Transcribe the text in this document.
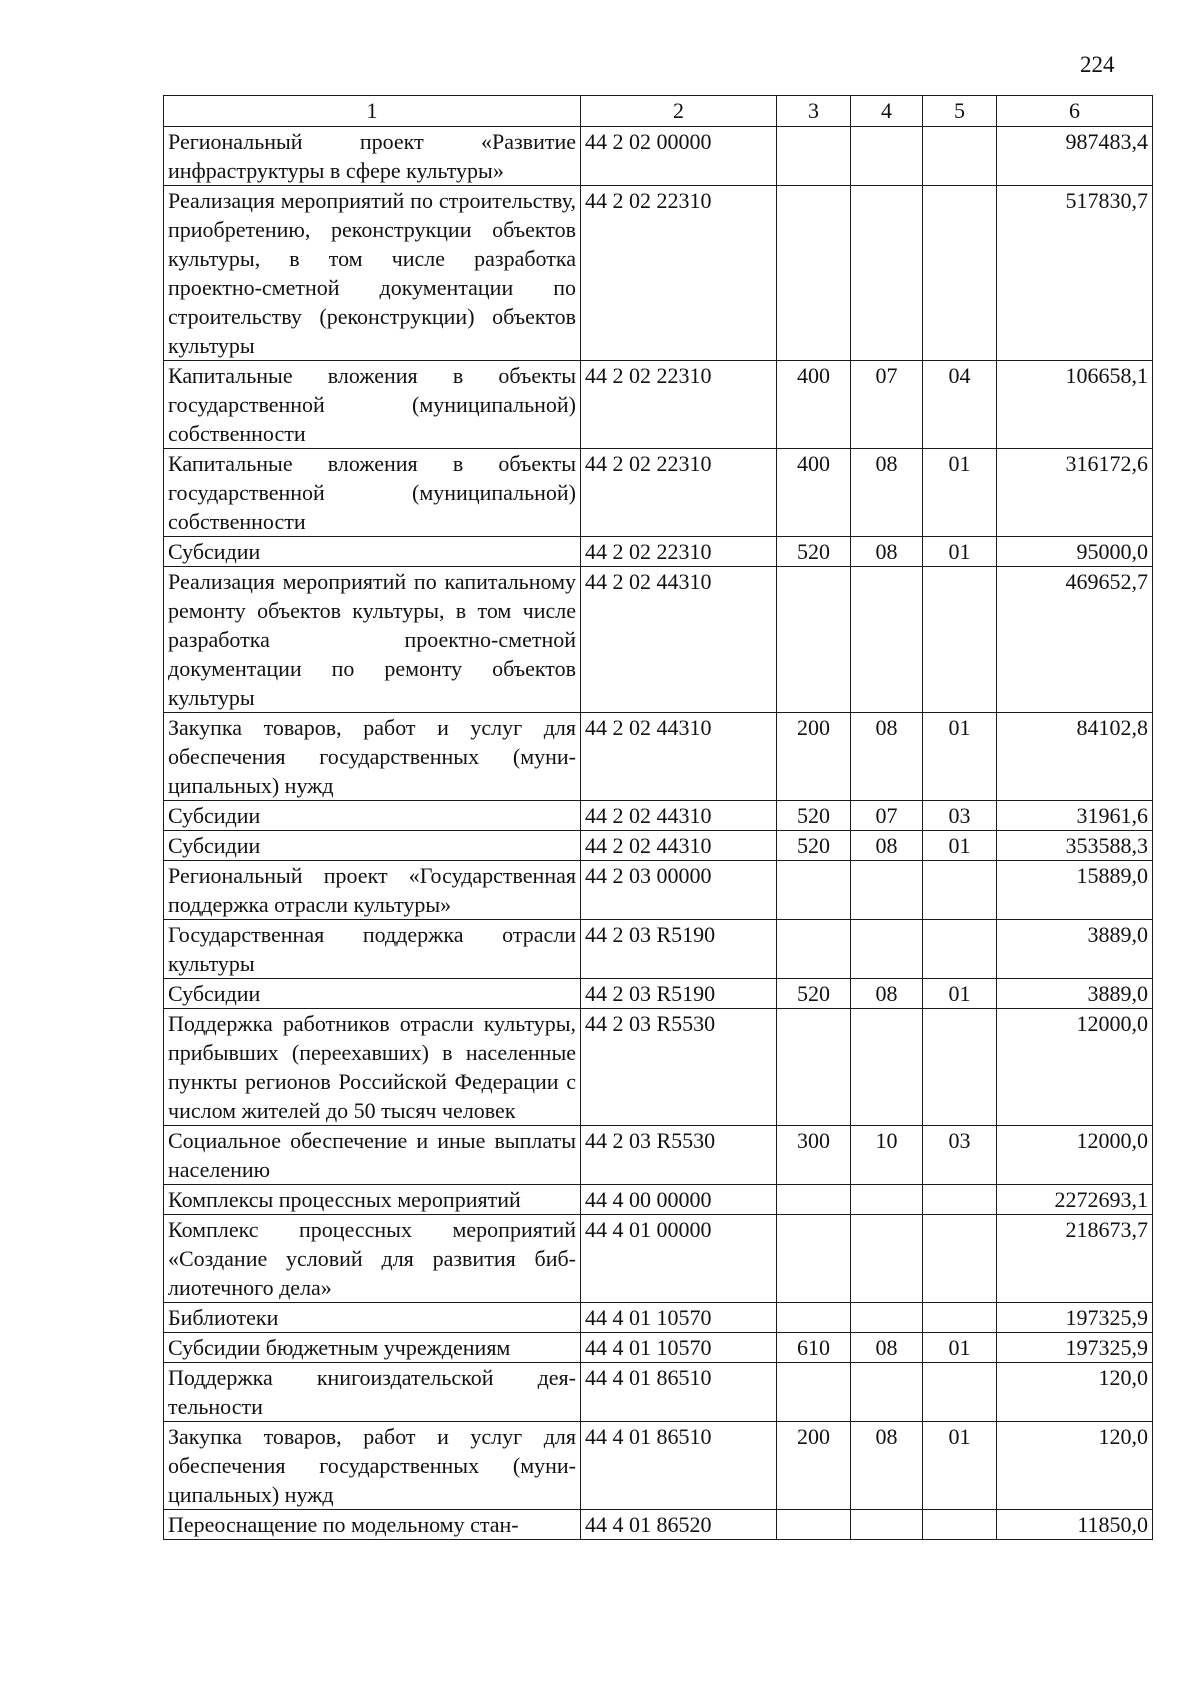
224
1	2	3	4	5	6
Региональный проект «Развитие инфраструктуры в сфере культуры»	44 2 02 00000				987483,4
Реализация мероприятий по строительству, приобретению, реконструкции объектов культуры, в том числе разработка проектно-сметной документации по строительству (реконструкции) объектов культуры	44 2 02 22310				517830,7
Капитальные вложения в объекты государственной (муниципальной) собственности	44 2 02 22310	400	07	04	106658,1
Капитальные вложения в объекты государственной (муниципальной) собственности	44 2 02 22310	400	08	01	316172,6
Субсидии	44 2 02 22310	520	08	01	95000,0
Реализация мероприятий по капитальному ремонту объектов культуры, в том числе разработка проектно-сметной документации по ремонту объектов культуры	44 2 02 44310				469652,7
Закупка товаров, работ и услуг для обеспечения государственных (муниципальных) нужд	44 2 02 44310	200	08	01	84102,8
Субсидии	44 2 02 44310	520	07	03	31961,6
Субсидии	44 2 02 44310	520	08	01	353588,3
Региональный проект «Государственная поддержка отрасли культуры»	44 2 03 00000				15889,0
Государственная поддержка отрасли культуры	44 2 03 R5190				3889,0
Субсидии	44 2 03 R5190	520	08	01	3889,0
Поддержка работников отрасли культуры, прибывших (переехавших) в населенные пункты регионов Российской Федерации с числом жителей до 50 тысяч человек	44 2 03 R5530				12000,0
Социальное обеспечение и иные выплаты населению	44 2 03 R5530	300	10	03	12000,0
Комплексы процессных мероприятий	44 4 00 00000				2272693,1
Комплекс процессных мероприятий «Создание условий для развития библиотечного дела»	44 4 01 00000				218673,7
Библиотеки	44 4 01 10570				197325,9
Субсидии бюджетным учреждениям	44 4 01 10570	610	08	01	197325,9
Поддержка книгоиздательской деятельности	44 4 01 86510				120,0
Закупка товаров, работ и услуг для обеспечения государственных (муниципальных) нужд	44 4 01 86510	200	08	01	120,0
Переоснащение по модельному стан-	44 4 01 86520				11850,0
